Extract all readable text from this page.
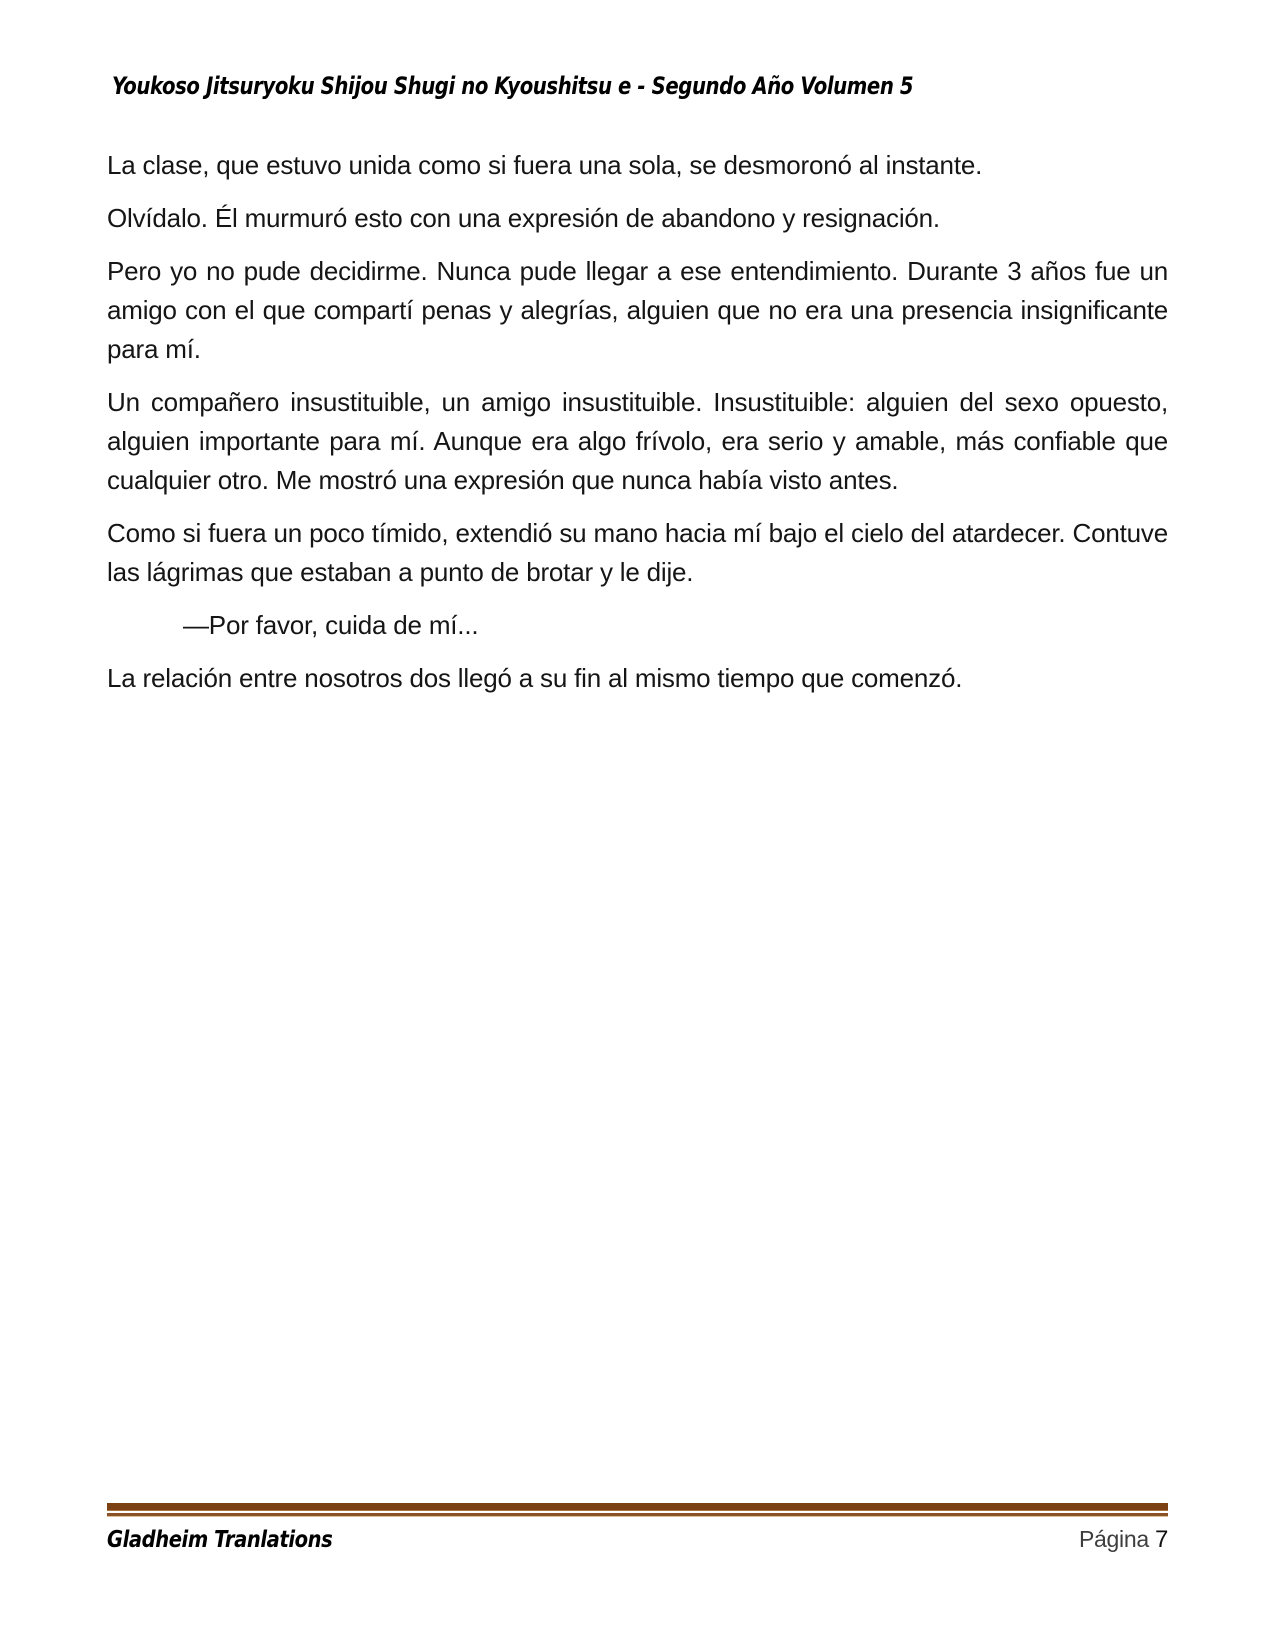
Youkoso Jitsuryoku Shijou Shugi no Kyoushitsu e - Segundo Año Volumen 5

La clase, que estuvo unida como si fuera una sola, se desmoronó al instante.

Olvídalo. Él murmuró esto con una expresión de abandono y resignación.

Pero yo no pude decidirme. Nunca pude llegar a ese entendimiento. Durante 3 años fue un amigo con el que compartí penas y alegrías, alguien que no era una presencia insignificante para mí.

Un compañero insustituible, un amigo insustituible. Insustituible: alguien del sexo opuesto, alguien importante para mí. Aunque era algo frívolo, era serio y amable, más confiable que cualquier otro. Me mostró una expresión que nunca había visto antes.

Como si fuera un poco tímido, extendió su mano hacia mí bajo el cielo del atardecer. Contuve las lágrimas que estaban a punto de brotar y le dije.

—Por favor, cuida de mí...

La relación entre nosotros dos llegó a su fin al mismo tiempo que comenzó.

Gladheim Tranlations	Página 7
